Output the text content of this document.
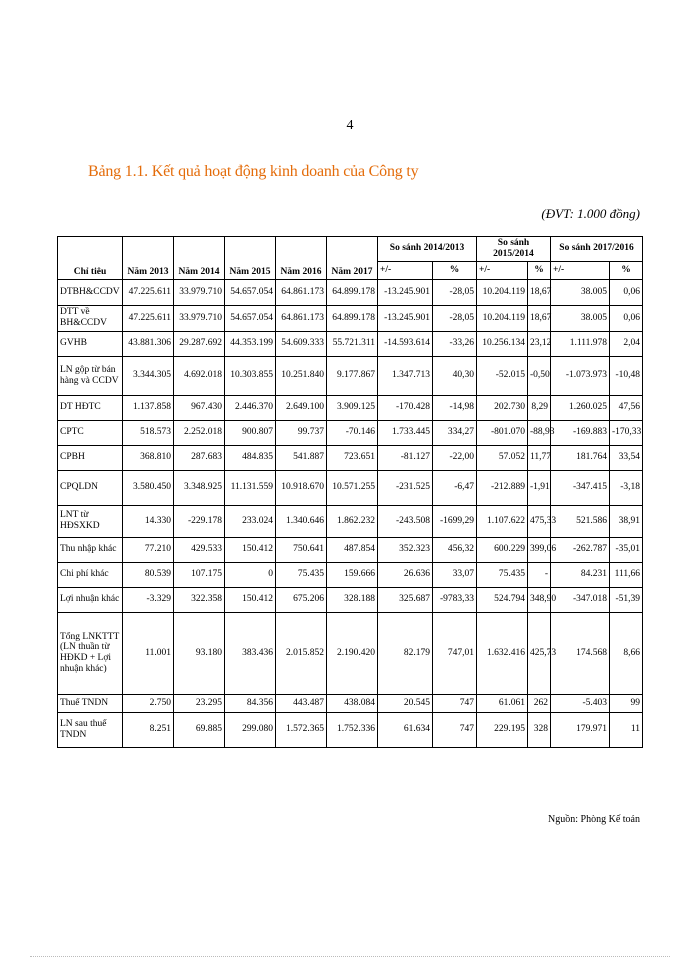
4
Bảng 1.1. Kết quả hoạt động kinh doanh của Công ty
(ĐVT: 1.000 đồng)
Chỉ tiêu	Năm 2013	Năm 2014	Năm 2015	Năm 2016	Năm 2017	So sánh 2014/2013		So sánh 2015/2014		So sánh 2017/2016	
						+/-	%	+/-	%	+/-	%
DTBH&CCDV	47.225.611	33.979.710	54.657.054	64.861.173	64.899.178	-13.245.901	-28,05	10.204.119	18,67	38.005	0,06
DTT về BH&CCDV	47.225.611	33.979.710	54.657.054	64.861.173	64.899.178	-13.245.901	-28,05	10.204.119	18,67	38.005	0,06
GVHB	43.881.306	29.287.692	44.353.199	54.609.333	55.721.311	-14.593.614	-33,26	10.256.134	23,12	1.111.978	2,04
LN gộp từ bán hàng và CCDV	3.344.305	4.692.018	10.303.855	10.251.840	9.177.867	1.347.713	40,30	-52.015	-0,50	-1.073.973	-10,48
DT HĐTC	1.137.858	967.430	2.446.370	2.649.100	3.909.125	-170.428	-14,98	202.730	8,29	1.260.025	47,56
CPTC	518.573	2.252.018	900.807	99.737	-70.146	1.733.445	334,27	-801.070	-88,93	-169.883	-170,33
CPBH	368.810	287.683	484.835	541.887	723.651	-81.127	-22,00	57.052	11,77	181.764	33,54
CPQLDN	3.580.450	3.348.925	11.131.559	10.918.670	10.571.255	-231.525	-6,47	-212.889	-1,91	-347.415	-3,18
LNT từ HĐSXKD	14.330	-229.178	233.024	1.340.646	1.862.232	-243.508	-1699,29	1.107.622	475,33	521.586	38,91
Thu nhập khác	77.210	429.533	150.412	750.641	487.854	352.323	456,32	600.229	399,06	-262.787	-35,01
Chi phí khác	80.539	107.175	0	75.435	159.666	26.636	33,07	75.435	-	84.231	111,66
Lợi nhuận khác	-3.329	322.358	150.412	675.206	328.188	325.687	-9783,33	524.794	348,90	-347.018	-51,39
Tổng LNKTTT (LN thuần từ HĐKD + Lợi nhuận khác)	11.001	93.180	383.436	2.015.852	2.190.420	82.179	747,01	1.632.416	425,73	174.568	8,66
Thuế TNDN	2.750	23.295	84.356	443.487	438.084	20.545	747	61.061	262	-5.403	99
LN sau thuế TNDN	8.251	69.885	299.080	1.572.365	1.752.336	61.634	747	229.195	328	179.971	11
Nguồn: Phòng Kế toán
